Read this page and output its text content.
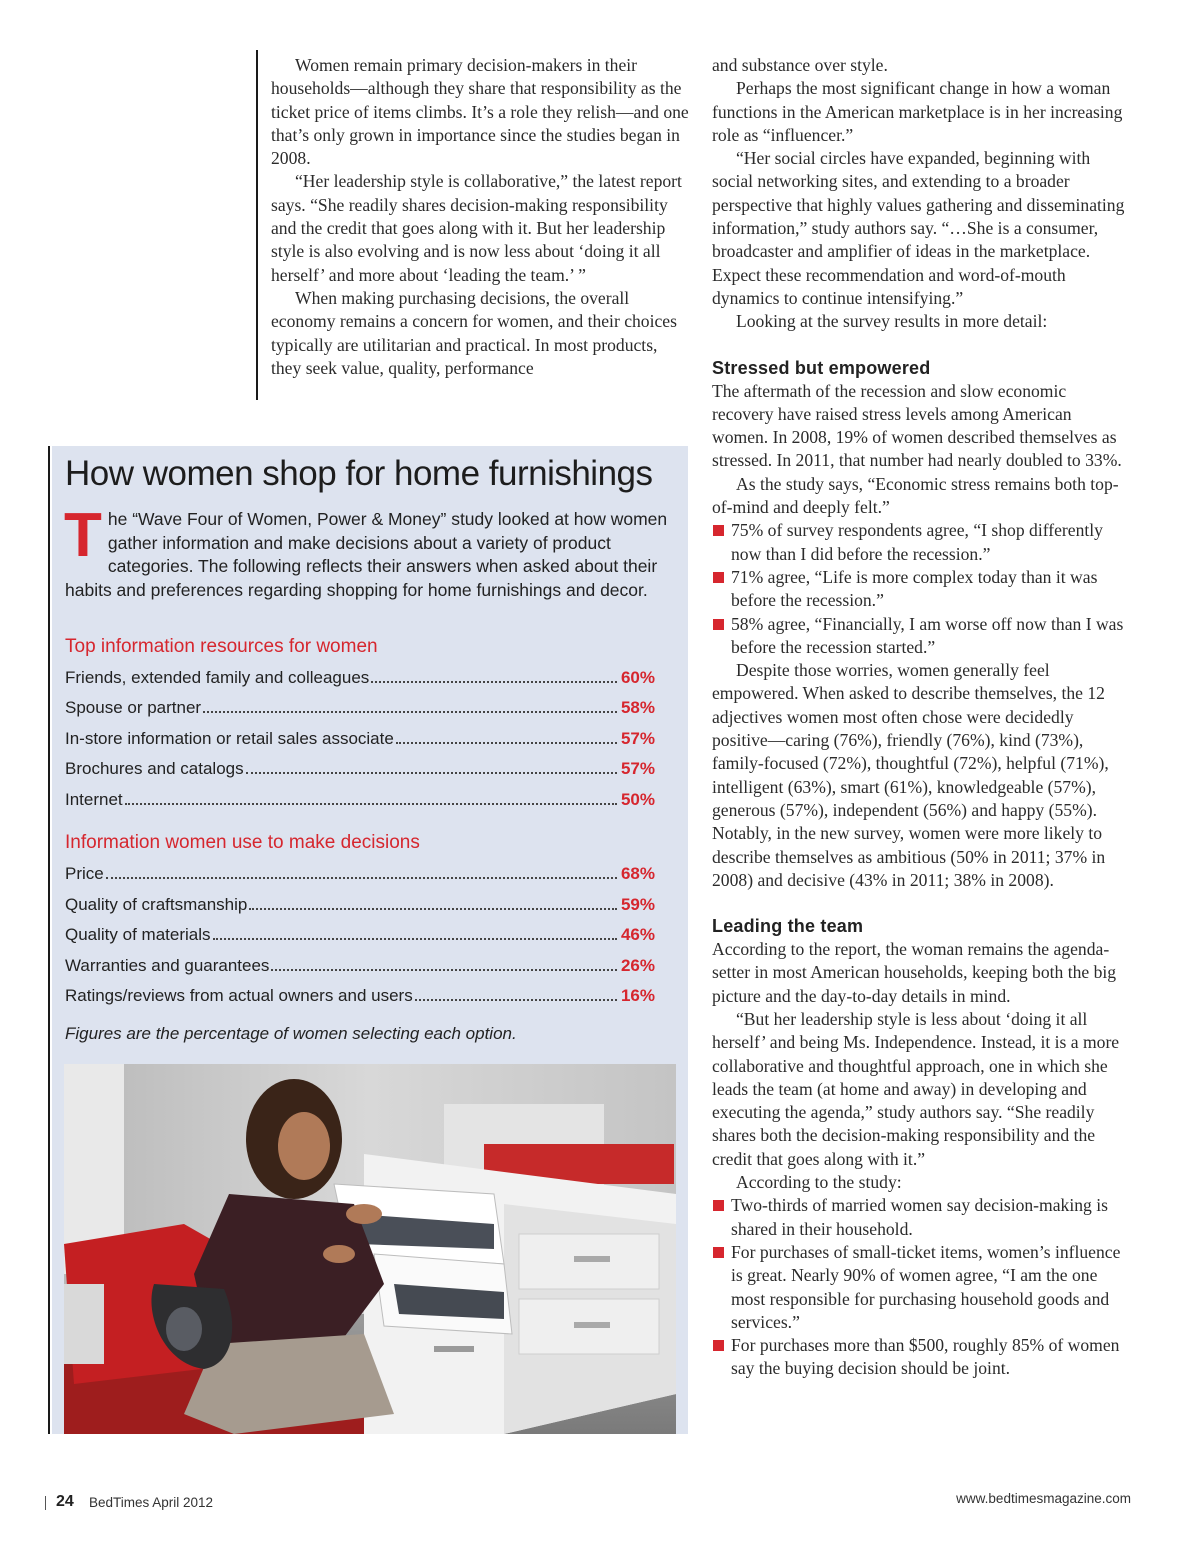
Women remain primary decision-makers in their households—although they share that responsibility as the ticket price of items climbs. It’s a role they relish—and one that’s only grown in importance since the studies began in 2008.

“Her leadership style is collaborative,” the latest report says. “She readily shares decision-making responsibility and the credit that goes along with it. But her leadership style is also evolving and is now less about ‘doing it all herself’ and more about ‘leading the team.’ ”

When making purchasing decisions, the overall economy remains a concern for women, and their choices typically are utilitarian and practical. In most products, they seek value, quality, performance

and substance over style.

Perhaps the most significant change in how a woman functions in the American marketplace is in her increasing role as “influencer.”

“Her social circles have expanded, beginning with social networking sites, and extending to a broader perspective that highly values gathering and disseminating information,” study authors say. “…She is a consumer, broadcaster and amplifier of ideas in the marketplace. Expect these recommendation and word-of-mouth dynamics to continue intensifying.”

Looking at the survey results in more detail:

Stressed but empowered

The aftermath of the recession and slow economic recovery have raised stress levels among American women. In 2008, 19% of women described themselves as stressed. In 2011, that number had nearly doubled to 33%.

As the study says, “Economic stress remains both top-of-mind and deeply felt.”

75% of survey respondents agree, “I shop differently now than I did before the recession.”
71% agree, “Life is more complex today than it was before the recession.”
58% agree, “Financially, I am worse off now than I was before the recession started.”

Despite those worries, women generally feel empowered. When asked to describe themselves, the 12 adjectives women most often chose were decidedly positive—caring (76%), friendly (76%), kind (73%), family-focused (72%), thoughtful (72%), helpful (71%), intelligent (63%), smart (61%), knowledgeable (57%), generous (57%), independent (56%) and happy (55%). Notably, in the new survey, women were more likely to describe themselves as ambitious (50% in 2011; 37% in 2008) and decisive (43% in 2011; 38% in 2008).

Leading the team

According to the report, the woman remains the agenda-setter in most American households, keeping both the big picture and the day-to-day details in mind.

“But her leadership style is less about ‘doing it all herself’ and being Ms. Independence. Instead, it is a more collaborative and thoughtful approach, one in which she leads the team (at home and away) in developing and executing the agenda,” study authors say. “She readily shares both the decision-making responsibility and the credit that goes along with it.”

According to the study:

Two-thirds of married women say decision-making is shared in their household.
For purchases of small-ticket items, women’s influence is great. Nearly 90% of women agree, “I am the one most responsible for purchasing household goods and services.”
For purchases more than $500, roughly 85% of women say the buying decision should be joint.
How women shop for home furnishings
The “Wave Four of Women, Power & Money” study looked at how women gather information and make decisions about a variety of product categories. The following reflects their answers when asked about their habits and preferences regarding shopping for home furnishings and decor.
Top information resources for women
Friends, extended family and colleagues	60%
Spouse or partner	58%
In-store information or retail sales associate	57%
Brochures and catalogs	57%
Internet	50%
Information women use to make decisions
Price	68%
Quality of craftsmanship	59%
Quality of materials	46%
Warranties and guarantees	26%
Ratings/reviews from actual owners and users	16%
Figures are the percentage of women selecting each option.
24 BedTimes April 2012	www.bedtimesmagazine.com
